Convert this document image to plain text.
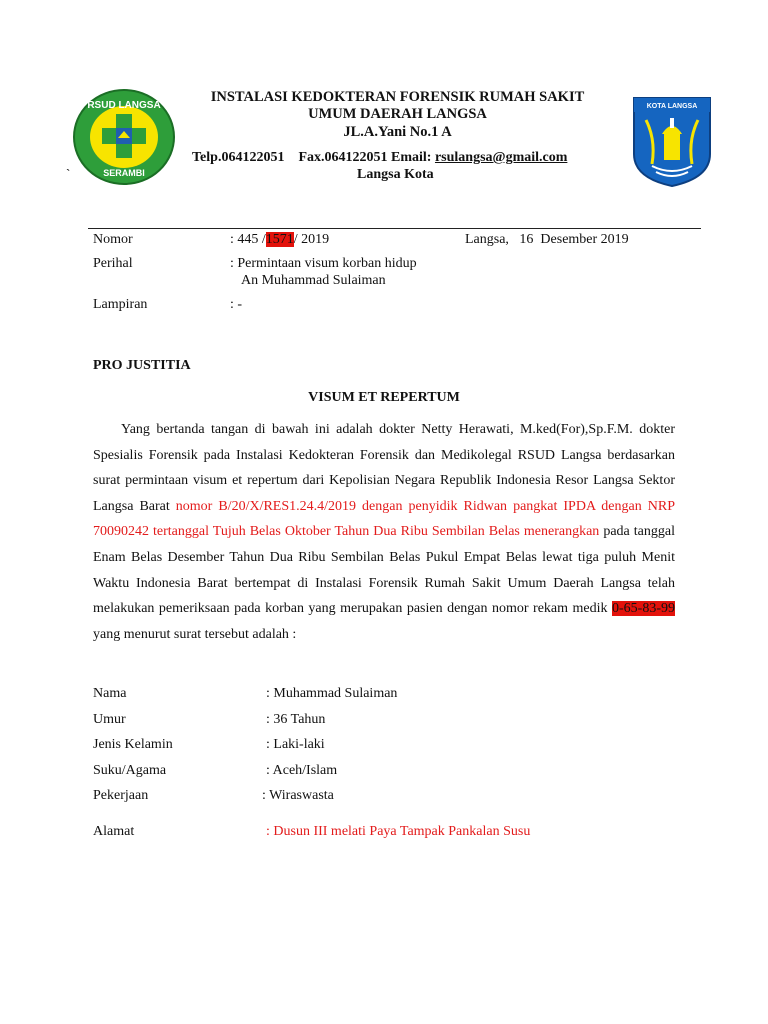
RSUD LANGSA
SERAMBI
KOTA LANGSA
INSTALASI KEDOKTERAN FORENSIK RUMAH SAKIT
UMUM DAERAH LANGSA
JL.A.Yani No.1 A
Telp.064122051 Fax.064122051 Email: rsulangsa@gmail.com
Langsa Kota
`
Nomor	: 445 /1571/ 2019	Langsa,   16  Desember 2019
Perihal	: Permintaan visum korban hidup
An Muhammad Sulaiman
Lampiran	: -
PRO JUSTITIA
VISUM ET REPERTUM
Yang bertanda tangan di bawah ini adalah dokter Netty Herawati, M.ked(For),Sp.F.M. dokter Spesialis Forensik pada Instalasi Kedokteran Forensik dan Medikolegal RSUD Langsa berdasarkan surat permintaan visum et repertum dari Kepolisian Negara Republik Indonesia Resor Langsa Sektor Langsa Barat nomor B/20/X/RES1.24.4/2019 dengan penyidik Ridwan pangkat IPDA dengan NRP 70090242 tertanggal Tujuh Belas Oktober Tahun Dua Ribu Sembilan Belas menerangkan pada tanggal Enam Belas Desember Tahun Dua Ribu Sembilan Belas Pukul Empat Belas lewat tiga puluh Menit Waktu Indonesia Barat bertempat di Instalasi Forensik Rumah Sakit Umum Daerah Langsa telah melakukan pemeriksaan pada korban yang merupakan pasien dengan nomor rekam medik 0-65-83-99 yang menurut surat tersebut adalah :
Nama	: Muhammad Sulaiman
Umur	: 36 Tahun
Jenis Kelamin	: Laki-laki
Suku/Agama	: Aceh/Islam
Pekerjaan	: Wiraswasta
Alamat	: Dusun III melati Paya Tampak Pankalan Susu
